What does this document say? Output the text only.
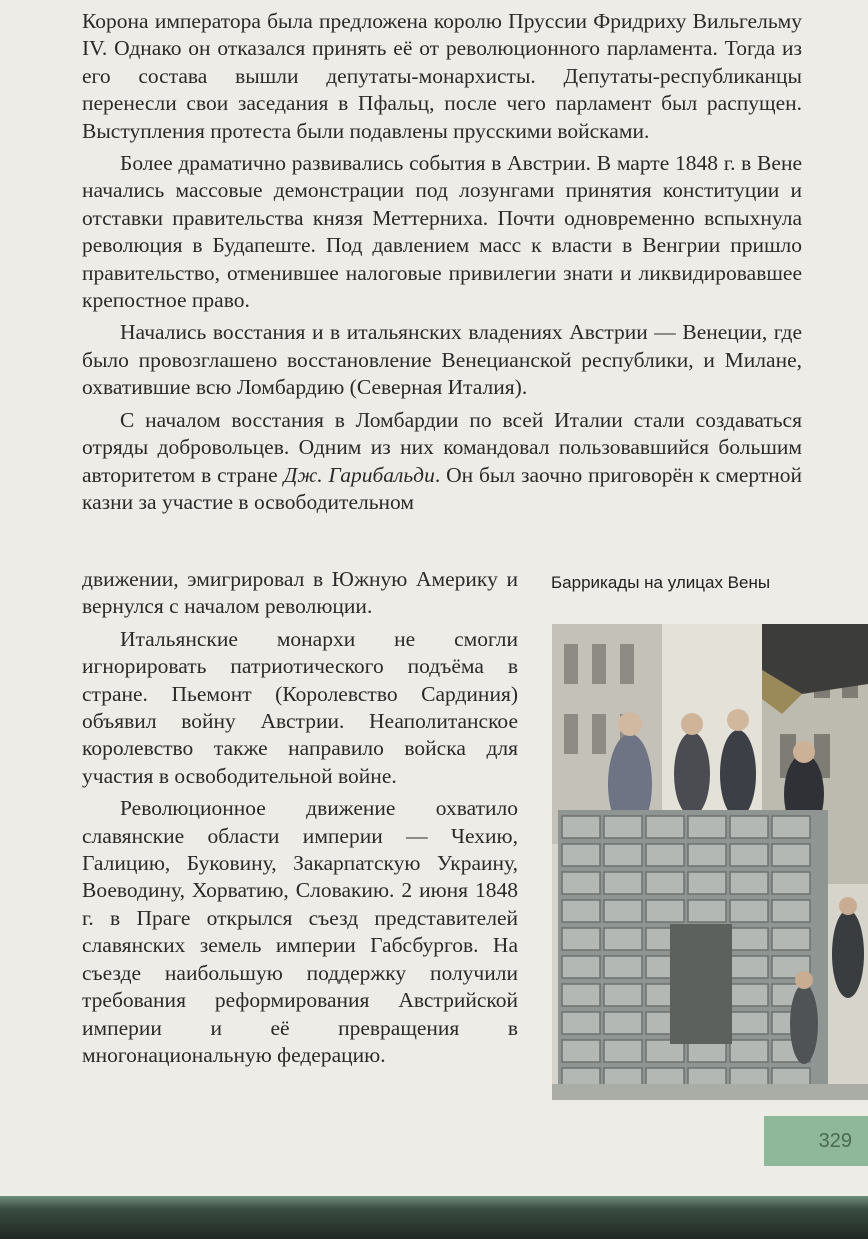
Корона императора была предложена королю Пруссии Фридриху Вильгельму IV. Однако он отказался принять её от революционного парламента. Тогда из его состава вышли депутаты-монархисты. Депутаты-республиканцы перенесли свои заседания в Пфальц, после чего парламент был распущен. Выступления протеста были подавлены прусскими войсками.

Более драматично развивались события в Австрии. В марте 1848 г. в Вене начались массовые демонстрации под лозунгами принятия конституции и отставки правительства князя Меттерниха. Почти одновременно вспыхнула революция в Будапеште. Под давлением масс к власти в Венгрии пришло правительство, отменившее налоговые привилегии знати и ликвидировавшее крепостное право.

Начались восстания и в итальянских владениях Австрии — Венеции, где было провозглашено восстановление Венецианской республики, и Милане, охватившие всю Ломбардию (Северная Италия).

С началом восстания в Ломбардии по всей Италии стали создаваться отряды добровольцев. Одним из них командовал пользовавшийся большим авторитетом в стране Дж. Гарибальди. Он был заочно приговорён к смертной казни за участие в освободительном

движении, эмигрировал в Южную Америку и вернулся с началом революции.

Итальянские монархи не смогли игнорировать патриотического подъёма в стране. Пьемонт (Королевство Сардиния) объявил войну Австрии. Неаполитанское королевство также направило войска для участия в освободительной войне.

Революционное движение охватило славянские области империи — Чехию, Галицию, Буковину, Закарпатскую Украину, Воеводину, Хорватию, Словакию. 2 июня 1848 г. в Праге открылся съезд представителей славянских земель империи Габсбургов. На съезде наибольшую поддержку получили требования реформирования Австрийской империи и её превращения в многонациональную федерацию.

Баррикады на улицах Вены
329
